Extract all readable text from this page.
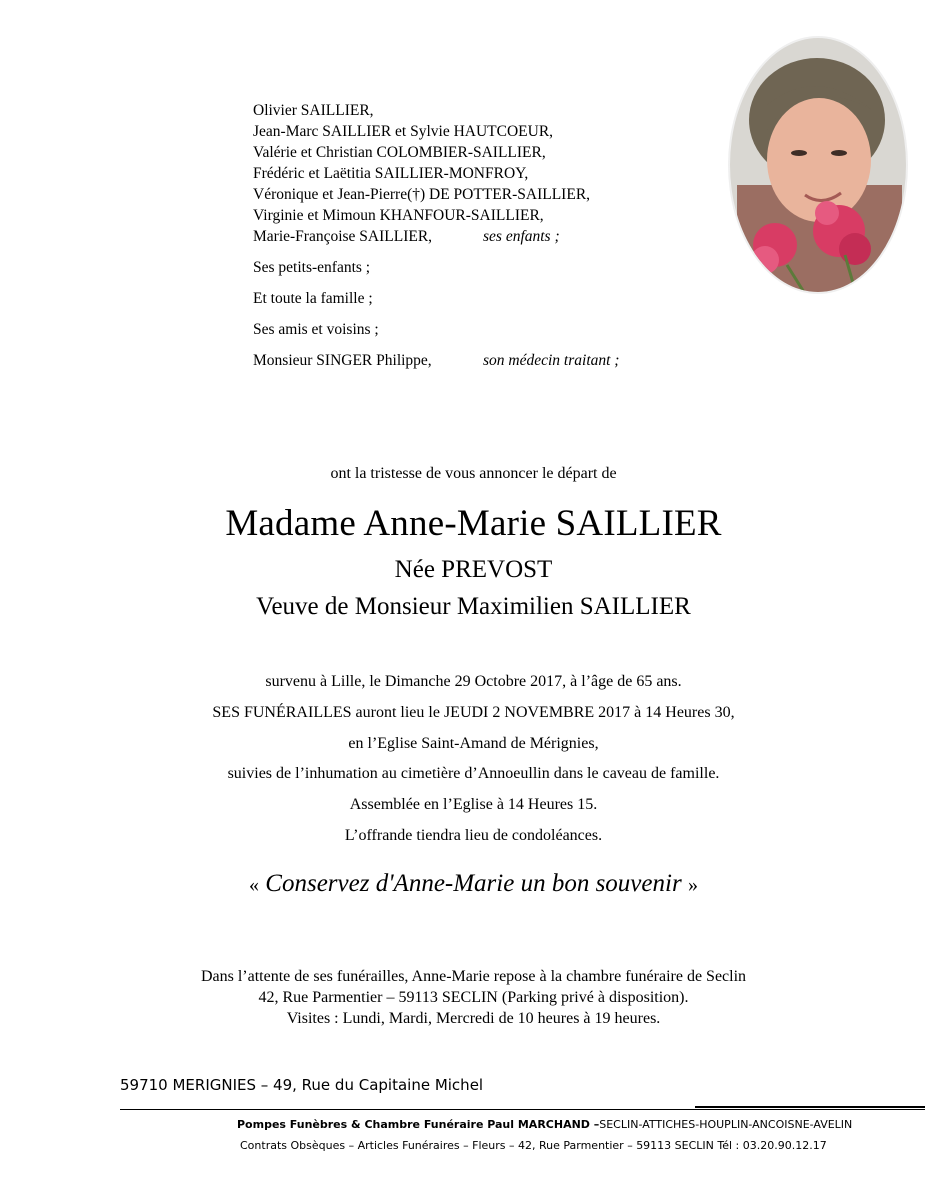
Olivier SAILLIER,
Jean-Marc SAILLIER et Sylvie HAUTCOEUR,
Valérie et Christian COLOMBIER-SAILLIER,
Frédéric et Laëtitia SAILLIER-MONFROY,
Véronique et Jean-Pierre(†) DE POTTER-SAILLIER,
Virginie et Mimoun KHANFOUR-SAILLIER,
Marie-Françoise SAILLIER,	ses enfants ;
Ses petits-enfants ;
Et toute la famille ;
Ses amis et voisins ;
Monsieur SINGER Philippe,	son médecin traitant ;
ont la tristesse de vous annoncer le départ de
Madame Anne-Marie SAILLIER
Née PREVOST
Veuve de Monsieur Maximilien SAILLIER
survenu à Lille, le Dimanche 29 Octobre 2017, à l’âge de 65 ans.
SES FUNÉRAILLES auront lieu le JEUDI 2 NOVEMBRE 2017 à 14 Heures 30,
en l’Eglise Saint-Amand de Mérignies,
suivies de l’inhumation au cimetière d’Annoeullin dans le caveau de famille.
Assemblée en l’Eglise à 14 Heures 15.
L’offrande tiendra lieu de condoléances.
« Conservez d'Anne-Marie un bon souvenir »
Dans l’attente de ses funérailles, Anne-Marie repose à la chambre funéraire de Seclin
42, Rue Parmentier – 59113 SECLIN (Parking privé à disposition).
Visites : Lundi, Mardi, Mercredi de 10 heures à 19 heures.
59710 MERIGNIES – 49, Rue du Capitaine Michel
Pompes Funèbres & Chambre Funéraire Paul MARCHAND –SECLIN-ATTICHES-HOUPLIN-ANCOISNE-AVELIN
Contrats Obsèques – Articles Funéraires – Fleurs – 42, Rue Parmentier – 59113 SECLIN Tél : 03.20.90.12.17
